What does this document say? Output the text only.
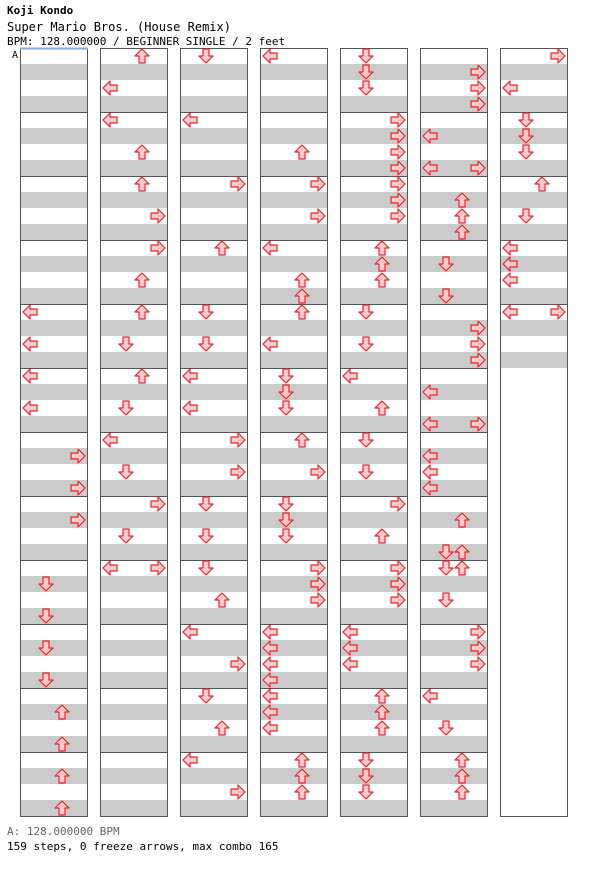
Koji Kondo
Super Mario Bros. (House Remix)
BPM: 128.000000 / BEGINNER SINGLE / 2 feet
A
A: 128.000000 BPM
159 steps, 0 freeze arrows, max combo 165
